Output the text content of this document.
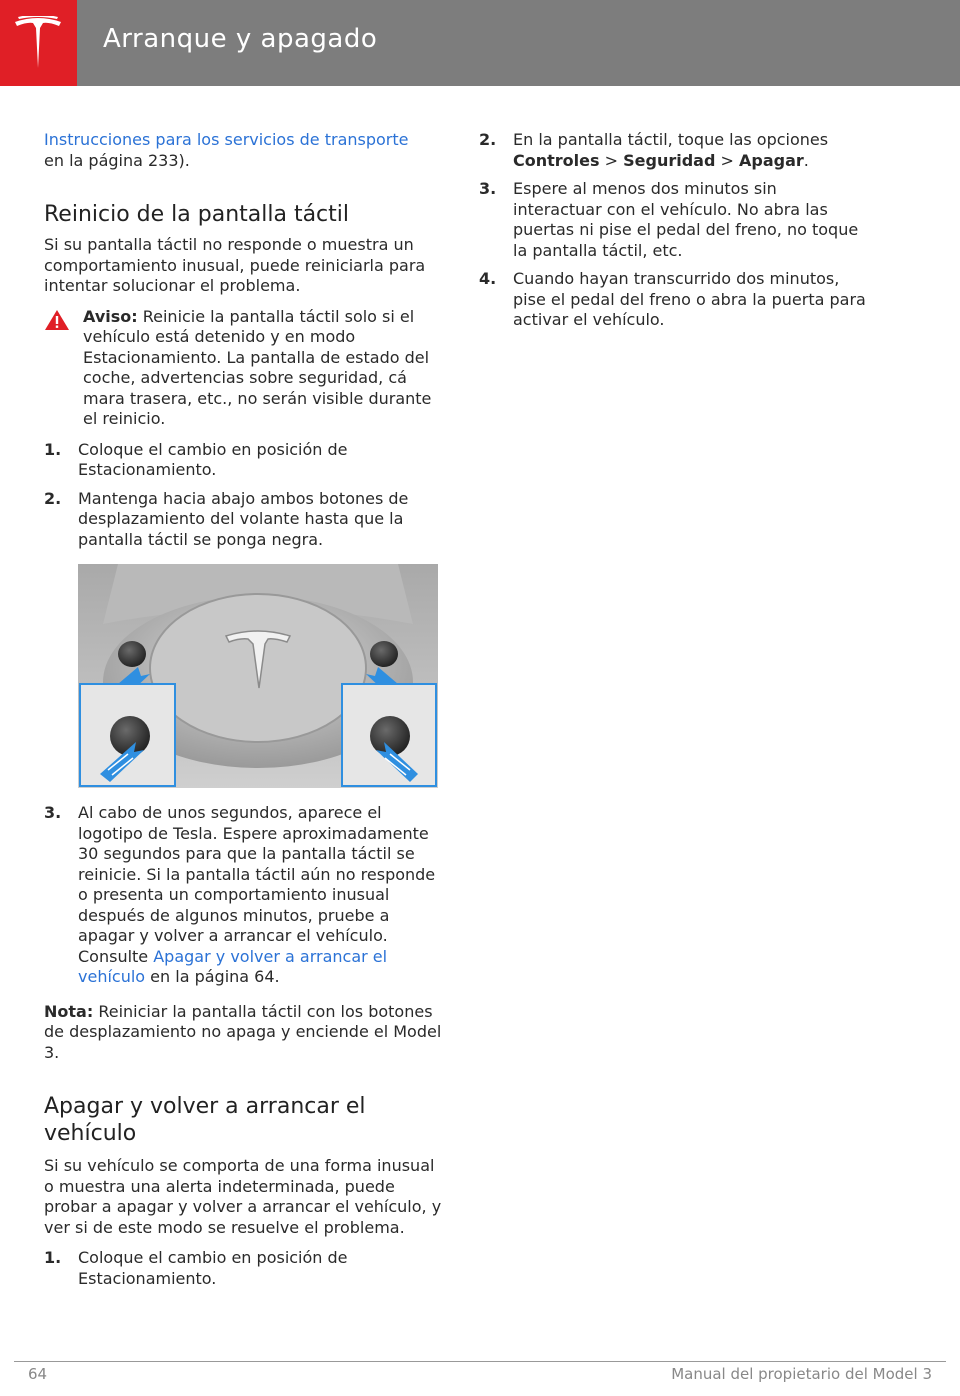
Arranque y apagado

Instrucciones para los servicios de transporte
en la página 233).

Reinicio de la pantalla táctil

Si su pantalla táctil no responde o muestra un comportamiento inusual, puede reiniciarla para intentar solucionar el problema.

Aviso: Reinicie la pantalla táctil solo si el vehículo está detenido y en modo Estacionamiento. La pantalla de estado del coche, advertencias sobre seguridad, cá mara trasera, etc., no serán visible durante el reinicio.
1. Coloque el cambio en posición de Estacionamiento.
2. Mantenga hacia abajo ambos botones de desplazamiento del volante hasta que la pantalla táctil se ponga negra.
3. Al cabo de unos segundos, aparece el logotipo de Tesla. Espere aproximadamente 30 segundos para que la pantalla táctil se reinicie. Si la pantalla táctil aún no responde o presenta un comportamiento inusual después de algunos minutos, pruebe a apagar y volver a arrancar el vehículo. Consulte Apagar y volver a arrancar el vehículo en la página 64.

Nota: Reiniciar la pantalla táctil con los botones de desplazamiento no apaga y enciende el Model 3.

Apagar y volver a arrancar el vehículo

Si su vehículo se comporta de una forma inusual o muestra una alerta indeterminada, puede probar a apagar y volver a arrancar el vehículo, y ver si de este modo se resuelve el problema.

1. Coloque el cambio en posición de Estacionamiento.
2. En la pantalla táctil, toque las opciones Controles > Seguridad > Apagar.
3. Espere al menos dos minutos sin interactuar con el vehículo. No abra las puertas ni pise el pedal del freno, no toque la pantalla táctil, etc.
4. Cuando hayan transcurrido dos minutos, pise el pedal del freno o abra la puerta para activar el vehículo.
64	Manual del propietario del Model 3
